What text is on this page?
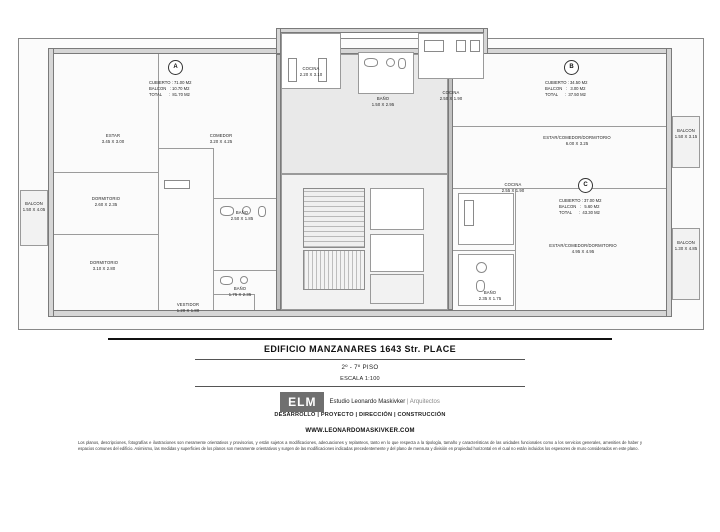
A
CUBIERTO : 71.00 M2
BALCON   : 10.70 M2
TOTAL      :  81.70 M2
B
CUBIERTO : 34.50 M2
BALCON   :   3.00 M2
TOTAL      :  37.50 M2
C
CUBIERTO : 37.00 M2
BALCON   :   5.60 M2
TOTAL      :  43.30 M2
ESTAR
3.45 X 3.00
COMEDOR
3.20 X 4.25
COCINA
2.20 X 3.10
BAÑO
1.50 X 2.95
COCINA
2.50 X 1.90
ESTAR/COMEDOR/DORMITORIO
6.00 X 3.25
BALCON
1.50 X 3.15
BALCON
1.50 X 4.05
DORMITORIO
2.60 X 2.35
BAÑO
2.50 X 1.85
COCINA
2.55 X 1.90
ESTAR/COMEDOR/DORMITORIO
4.95 X 4.95
BALCON
1.30 X 4.85
DORMITORIO
3.10 X 2.80
BAÑO
1.75 X 2.35
VESTIDOR
1.20 X 1.80
BAÑO
2.35 X 1.75
EDIFICIO MANZANARES 1643 Str. PLACE
2º - 7º PISO
ESCALA 1:100
ELM Estudio Leonardo Maskivker | Arquitectos
DESARROLLO | PROYECTO | DIRECCIÓN | CONSTRUCCIÓN
WWW.LEONARDOMASKIVKER.COM
Los planos, descripciones, fotografías e ilustraciones son meramente orientativos y provisorios, y están sujetos a modificaciones, adecuaciones y replanteos, tanto en lo que respecta a la tipología, tamaño y características de las unidades funcionales como a los servicios generales, amenities de haber y espacios comunes del edificio. Asimismo, las medidas y superficies de los planos son meramente orientativos y surgen de las modificaciones indicadas precedentemente y del plano de mensura y división en propiedad horizontal en el cual no están incluidos los espesores de muro considerados en este plano.
